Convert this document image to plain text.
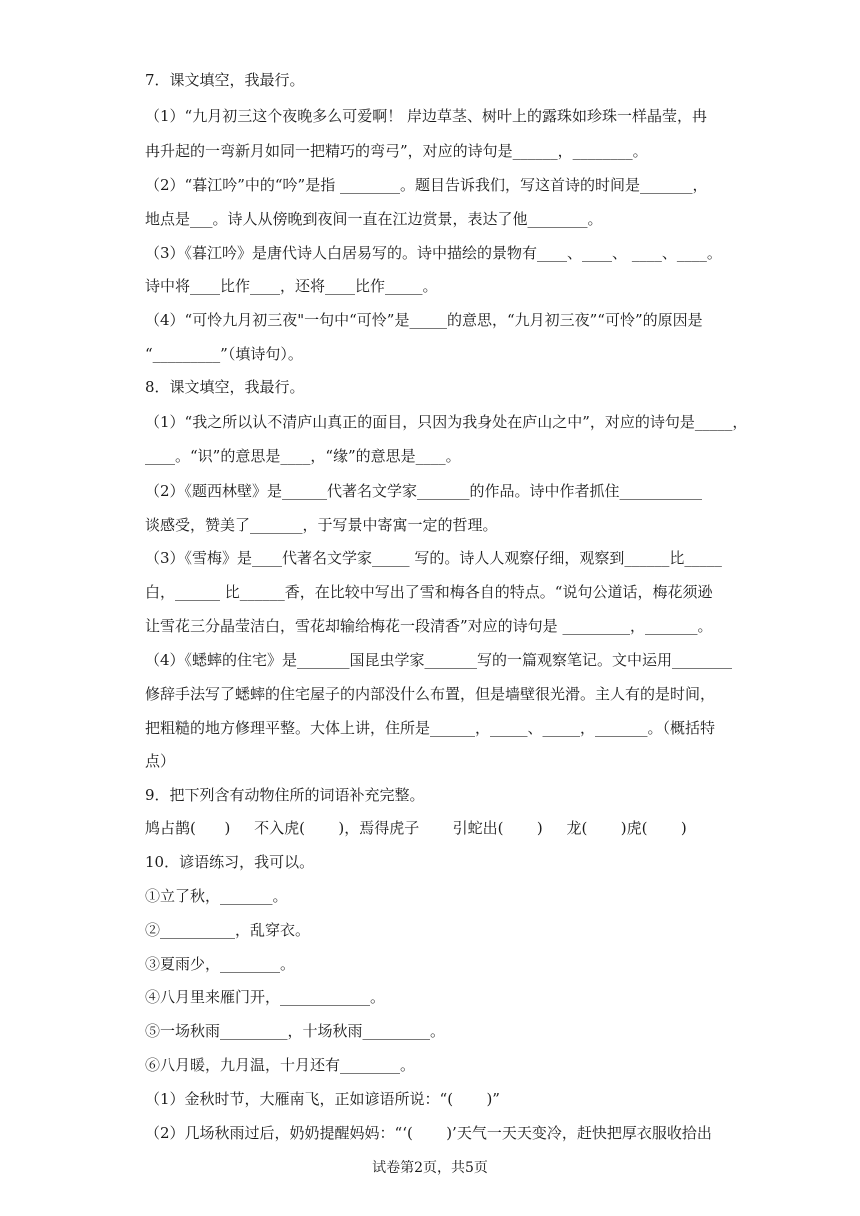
7．课文填空，我最行。
（1）“九月初三这个夜晚多么可爱啊！ 岸边草茎、树叶上的露珠如珍珠一样晶莹，冉
冉升起的一弯新月如同一把精巧的弯弓”，对应的诗句是______，________。
（2）“暮江吟”中的“吟”是指 ________。题目告诉我们，写这首诗的时间是_______，
地点是___。诗人从傍晚到夜间一直在江边赏景，表达了他________。
（3）《暮江吟》是唐代诗人白居易写的。诗中描绘的景物有____、____、 ____、____。
诗中将____比作____，还将____比作_____。
（4）“可怜九月初三夜"一句中“可怜”是_____的意思，“九月初三夜”“可怜”的原因是
“_________”（填诗句）。
8．课文填空，我最行。
（1）“我之所以认不清庐山真正的面目，只因为我身处在庐山之中”，对应的诗句是_____，
____。“识”的意思是____，“缘”的意思是____。
（2）《题西林壁》是______代著名文学家_______的作品。诗中作者抓住___________
谈感受，赞美了_______，于写景中寄寓一定的哲理。
（3）《雪梅》是____代著名文学家_____ 写的。诗人人观察仔细，观察到______比_____
白，______ 比______香，在比较中写出了雪和梅各自的特点。“说句公道话，梅花须逊
让雪花三分晶莹洁白，雪花却输给梅花一段清香”对应的诗句是 _________，_______。
（4）《蟋蟀的住宅》是_______国昆虫学家_______写的一篇观察笔记。文中运用________
修辞手法写了蟋蟀的住宅屋子的内部没什么布置，但是墙壁很光滑。主人有的是时间，
把粗糙的地方修理平整。大体上讲，住所是______，_____、_____，_______。（概括特
点）
9．把下列含有动物住所的词语补充完整。
鸠占鹊(      )     不入虎(       )，焉得虎子       引蛇出(       )     龙(       )虎(       )
10．谚语练习，我可以。
①立了秋，_______。
②__________，乱穿衣。
③夏雨少，________。
④八月里来雁门开，____________。
⑤一场秋雨_________，十场秋雨_________。
⑥八月暖，九月温，十月还有________。
（1）金秋时节，大雁南飞，正如谚语所说：“(       )”
（2）几场秋雨过后，奶奶提醒妈妈：“‘(       )’天气一天天变冷，赶快把厚衣服收拾出
试卷第2页，共5页
